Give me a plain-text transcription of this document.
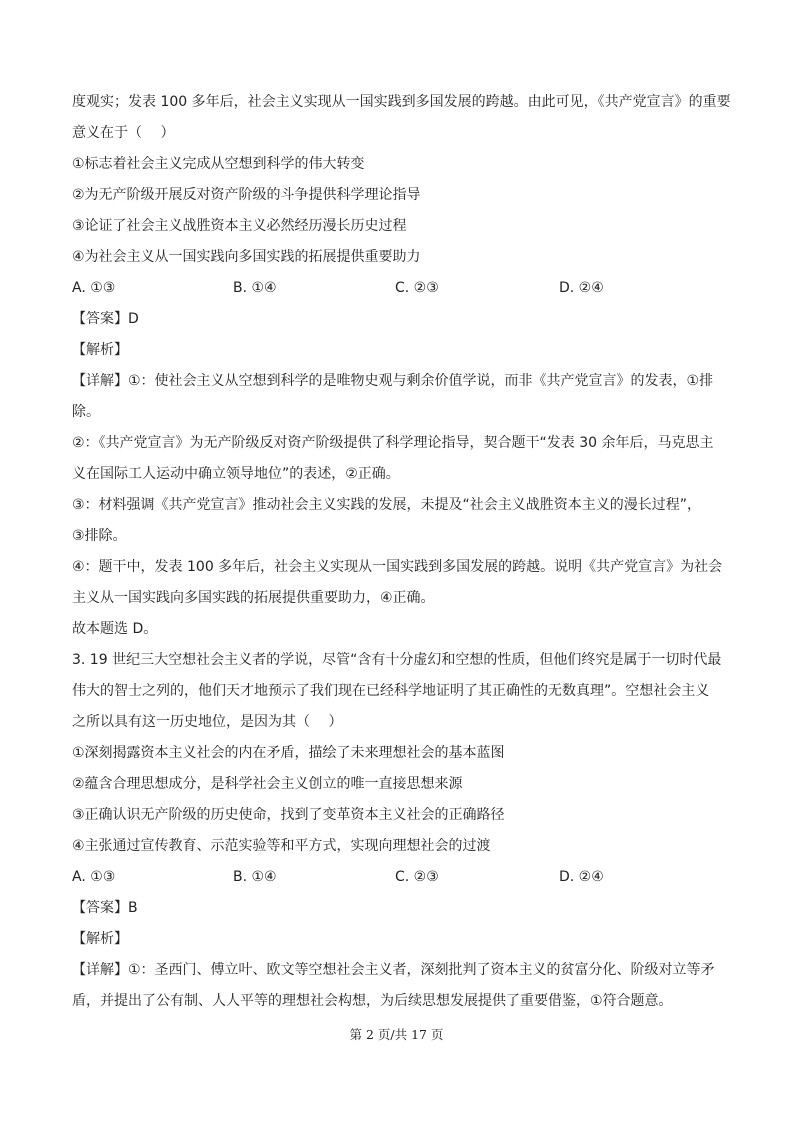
度观实；发表 100 多年后，社会主义实现从一国实践到多国发展的跨越。由此可见，《共产党宣言》的重要
意义在于（　 ）
①标志着社会主义完成从空想到科学的伟大转变
②为无产阶级开展反对资产阶级的斗争提供科学理论指导
③论证了社会主义战胜资本主义必然经历漫长历史过程
④为社会主义从一国实践向多国实践的拓展提供重要助力
A. ①③	B. ①④	C. ②③	D. ②④
【答案】D
【解析】
【详解】①：使社会主义从空想到科学的是唯物史观与剩余价值学说，而非《共产党宣言》的发表，①排
除。
②：《共产党宣言》为无产阶级反对资产阶级提供了科学理论指导，契合题干“发表 30 余年后，马克思主
义在国际工人运动中确立领导地位”的表述，②正确。
③：材料强调《共产党宣言》推动社会主义实践的发展，未提及“社会主义战胜资本主义的漫长过程”，
③排除。
④：题干中，发表 100 多年后，社会主义实现从一国实践到多国发展的跨越。说明《共产党宣言》为社会
主义从一国实践向多国实践的拓展提供重要助力，④正确。
故本题选 D。
3. 19 世纪三大空想社会主义者的学说，尽管“含有十分虚幻和空想的性质，但他们终究是属于一切时代最
伟大的智士之列的，他们天才地预示了我们现在已经科学地证明了其正确性的无数真理”。空想社会主义
之所以具有这一历史地位，是因为其（　 ）
①深刻揭露资本主义社会的内在矛盾，描绘了未来理想社会的基本蓝图
②蕴含合理思想成分，是科学社会主义创立的唯一直接思想来源
③正确认识无产阶级的历史使命，找到了变革资本主义社会的正确路径
④主张通过宣传教育、示范实验等和平方式，实现向理想社会的过渡
A. ①③	B. ①④	C. ②③	D. ②④
【答案】B
【解析】
【详解】①：圣西门、傅立叶、欧文等空想社会主义者，深刻批判了资本主义的贫富分化、阶级对立等矛
盾，并提出了公有制、人人平等的理想社会构想，为后续思想发展提供了重要借鉴，①符合题意。
第 2 页/共 17 页
